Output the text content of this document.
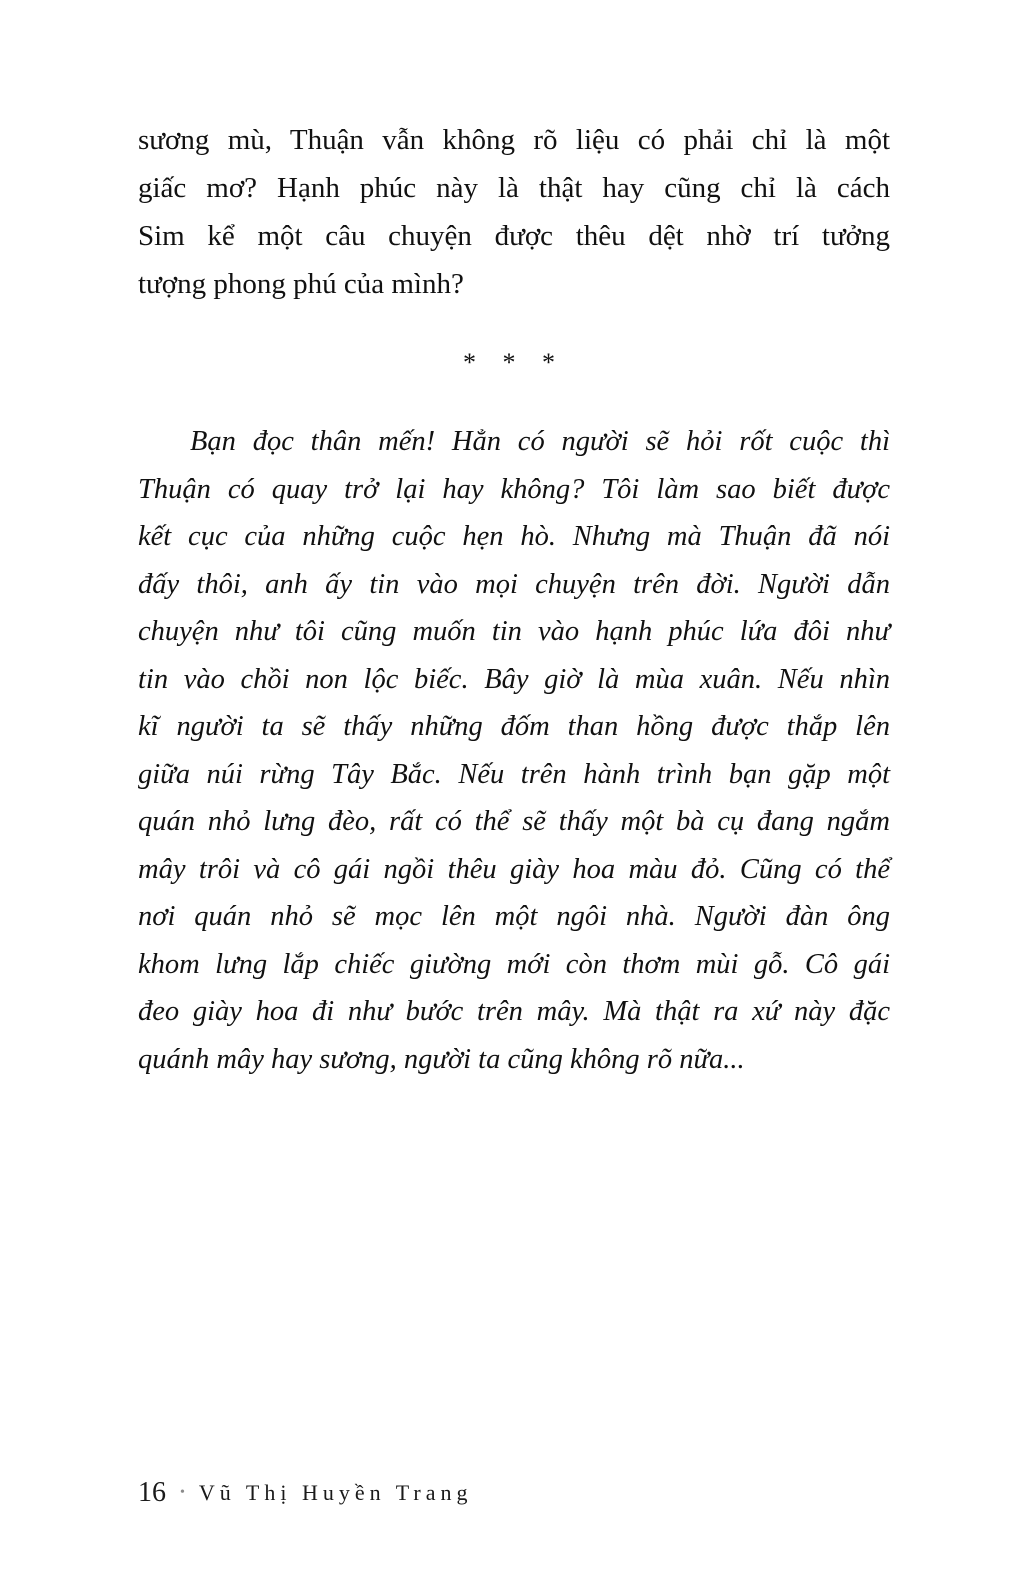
sương mù, Thuận vẫn không rõ liệu có phải chỉ là một
giấc mơ? Hạnh phúc này là thật hay cũng chỉ là cách
Sim kể một câu chuyện được thêu dệt nhờ trí tưởng
tượng phong phú của mình?
* * *
Bạn đọc thân mến! Hẳn có người sẽ hỏi rốt cuộc thì
Thuận có quay trở lại hay không? Tôi làm sao biết được
kết cục của những cuộc hẹn hò. Nhưng mà Thuận đã nói
đấy thôi, anh ấy tin vào mọi chuyện trên đời. Người dẫn
chuyện như tôi cũng muốn tin vào hạnh phúc lứa đôi như
tin vào chồi non lộc biếc. Bây giờ là mùa xuân. Nếu nhìn
kĩ người ta sẽ thấy những đốm than hồng được thắp lên
giữa núi rừng Tây Bắc. Nếu trên hành trình bạn gặp một
quán nhỏ lưng đèo, rất có thể sẽ thấy một bà cụ đang ngắm
mây trôi và cô gái ngồi thêu giày hoa màu đỏ. Cũng có thể
nơi quán nhỏ sẽ mọc lên một ngôi nhà. Người đàn ông
khom lưng lắp chiếc giường mới còn thơm mùi gỗ. Cô gái
đeo giày hoa đi như bước trên mây. Mà thật ra xứ này đặc
quánh mây hay sương, người ta cũng không rõ nữa...
16 • Vũ Thị Huyền Trang
